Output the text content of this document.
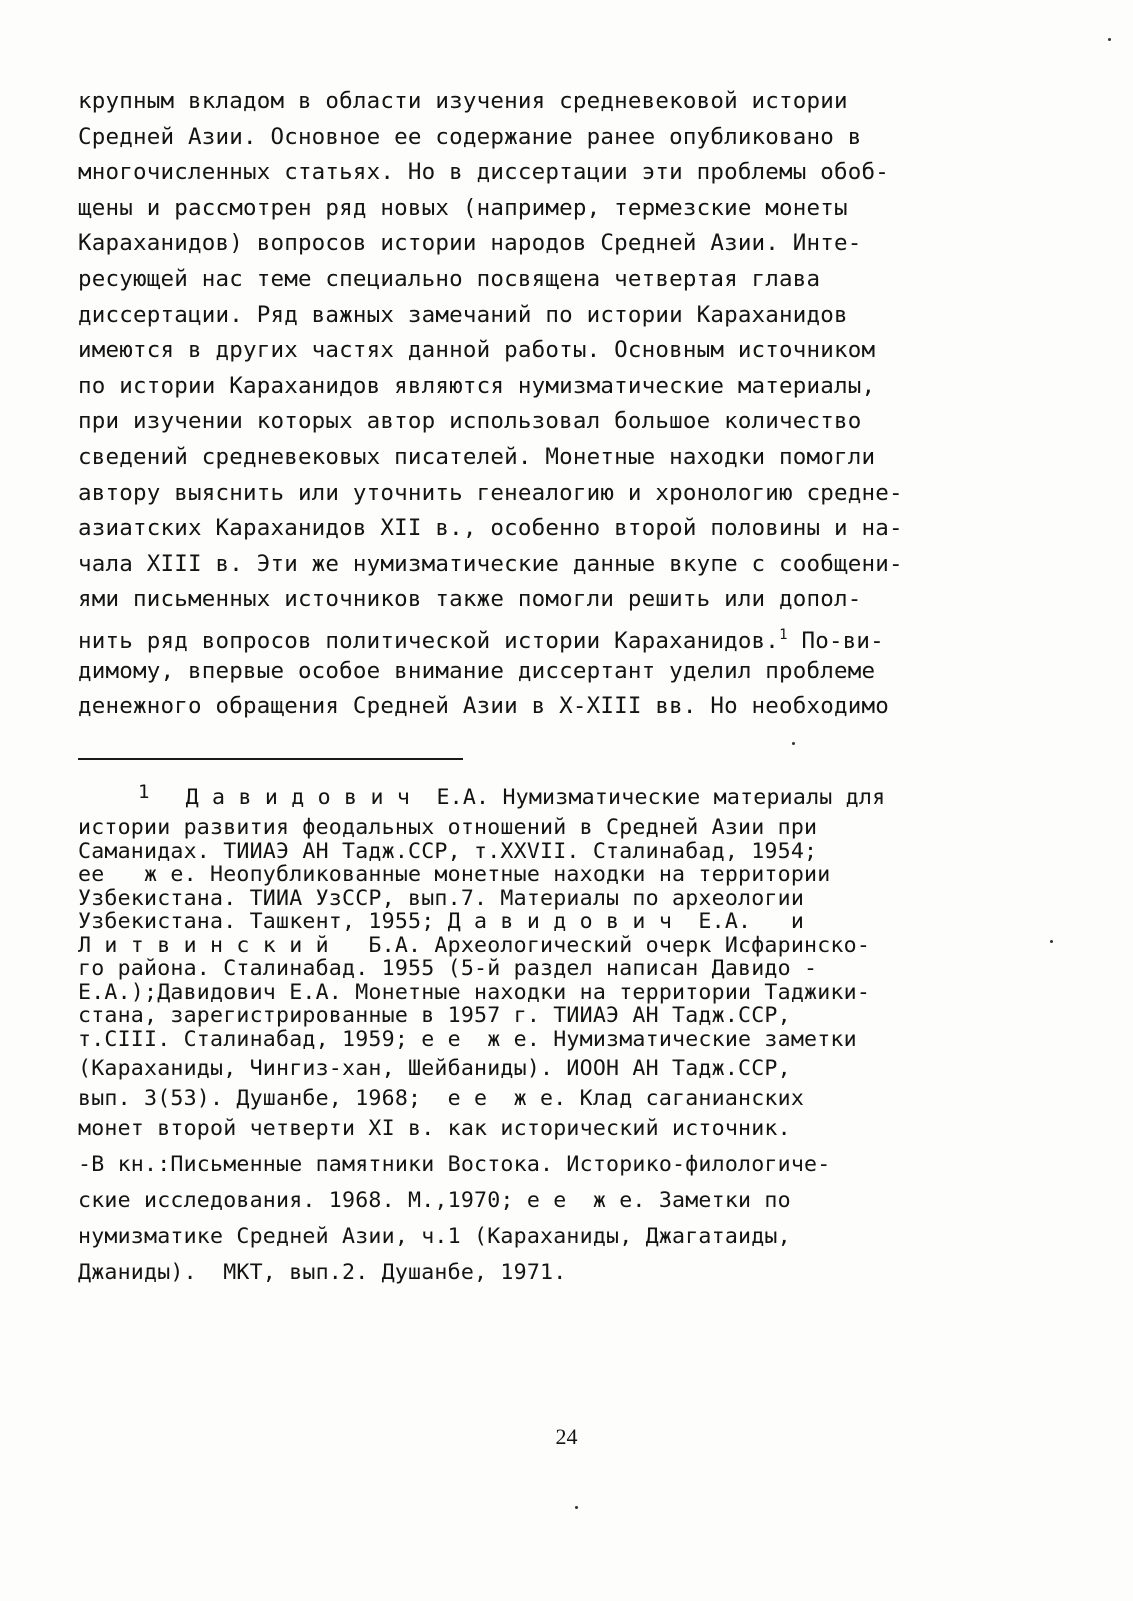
крупным вкладом в области изучения средневековой истории
Средней Азии. Основное ее содержание ранее опубликовано в
многочисленных статьях. Но в диссертации эти проблемы обоб-
щены и рассмотрен ряд новых (например, термезские монеты
Караханидов) вопросов истории народов Средней Азии. Инте-
ресующей нас теме специально посвящена четвертая глава
диссертации. Ряд важных замечаний по истории Караханидов
имеются в других частях данной работы. Основным источником
по истории Караханидов являются нумизматические материалы,
при изучении которых автор использовал большое количество
сведений средневековых писателей. Монетные находки помогли
автору выяснить или уточнить генеалогию и хронологию средне-
азиатских Караханидов XII в., особенно второй половины и на-
чала XIII в. Эти же нумизматические данные вкупе с сообщени-
ями письменных источников также помогли решить или допол-
нить ряд вопросов политической истории Караханидов.$^1$ По-ви-
димому, впервые особое внимание диссертант уделил проблеме
денежного обращения Средней Азии в X-XIII вв. Но необходимо
1 Д а в и д о в и ч  Е.А. Нумизматические материалы для
истории развития феодальных отношений в Средней Азии при
Саманидах. ТИИАЭ АН Тадж.ССР, т.XXVII. Сталинабад, 1954;
ее   ж е. Неопубликованные монетные находки на территории
Узбекистана. ТИИА УзССР, вып.7. Материалы по археологии
Узбекистана. Ташкент, 1955; Д а в и д о в и ч  Е.А.   и
Л и т в и н с к и й   Б.А. Археологический очерк Исфаринско-
го района. Сталинабад. 1955 (5-й раздел написан Давидо -
Е.А.);Давидович Е.А. Монетные находки на территории Таджики-
стана, зарегистрированные в 1957 г. ТИИАЭ АН Тадж.ССР,
т.CIII. Сталинабад, 1959; е е  ж е. Нумизматические заметки
(Караханиды, Чингиз-хан, Шейбаниды). ИООН АН Тадж.ССР,
вып. 3(53). Душанбе, 1968;  е е  ж е. Клад саганианских
монет второй четверти XI в. как исторический источник.
-В кн.:Письменные памятники Востока. Историко-филологиче-
ские исследования. 1968. М.,1970; е е  ж е. Заметки по
нумизматике Средней Азии, ч.1 (Караханиды, Джагатаиды,
Джаниды).  МКТ, вып.2. Душанбе, 1971.
24
